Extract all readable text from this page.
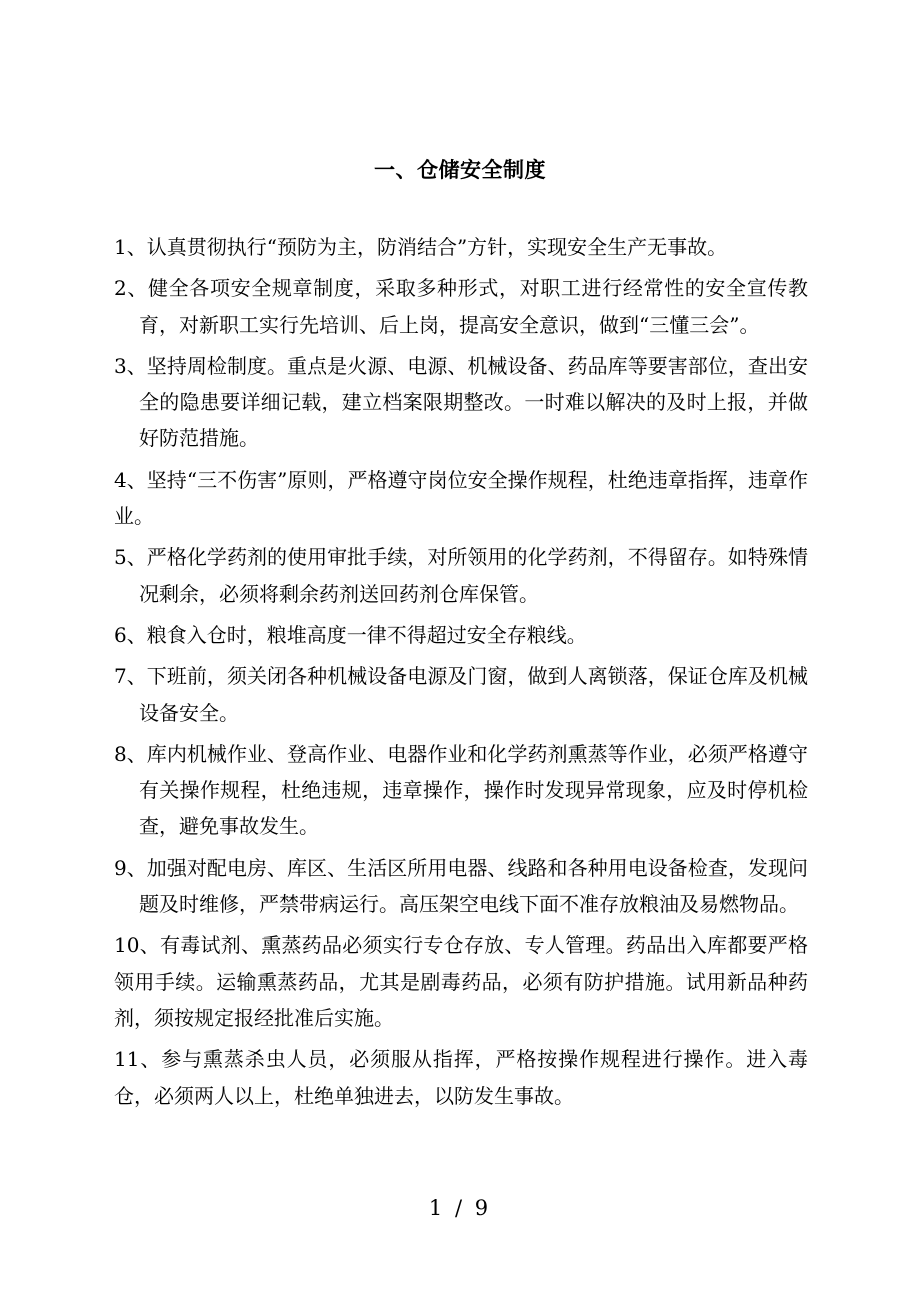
一、仓储安全制度

1、认真贯彻执行“预防为主，防消结合”方针，实现安全生产无事故。

2、健全各项安全规章制度，采取多种形式，对职工进行经常性的安全宣传教育，对新职工实行先培训、后上岗，提高安全意识，做到“三懂三会”。

3、坚持周检制度。重点是火源、电源、机械设备、药品库等要害部位，查出安全的隐患要详细记载，建立档案限期整改。一时难以解决的及时上报，并做好防范措施。

4、坚持“三不伤害”原则，严格遵守岗位安全操作规程，杜绝违章指挥，违章作业。

5、严格化学药剂的使用审批手续，对所领用的化学药剂，不得留存。如特殊情况剩余，必须将剩余药剂送回药剂仓库保管。

6、粮食入仓时，粮堆高度一律不得超过安全存粮线。

7、下班前，须关闭各种机械设备电源及门窗，做到人离锁落，保证仓库及机械设备安全。

8、库内机械作业、登高作业、电器作业和化学药剂熏蒸等作业，必须严格遵守有关操作规程，杜绝违规，违章操作，操作时发现异常现象，应及时停机检查，避免事故发生。

9、加强对配电房、库区、生活区所用电器、线路和各种用电设备检查，发现问题及时维修，严禁带病运行。高压架空电线下面不准存放粮油及易燃物品。

10、有毒试剂、熏蒸药品必须实行专仓存放、专人管理。药品出入库都要严格领用手续。运输熏蒸药品，尤其是剧毒药品，必须有防护措施。试用新品种药剂，须按规定报经批准后实施。

11、参与熏蒸杀虫人员，必须服从指挥，严格按操作规程进行操作。进入毒仓，必须两人以上，杜绝单独进去，以防发生事故。

1 / 9
